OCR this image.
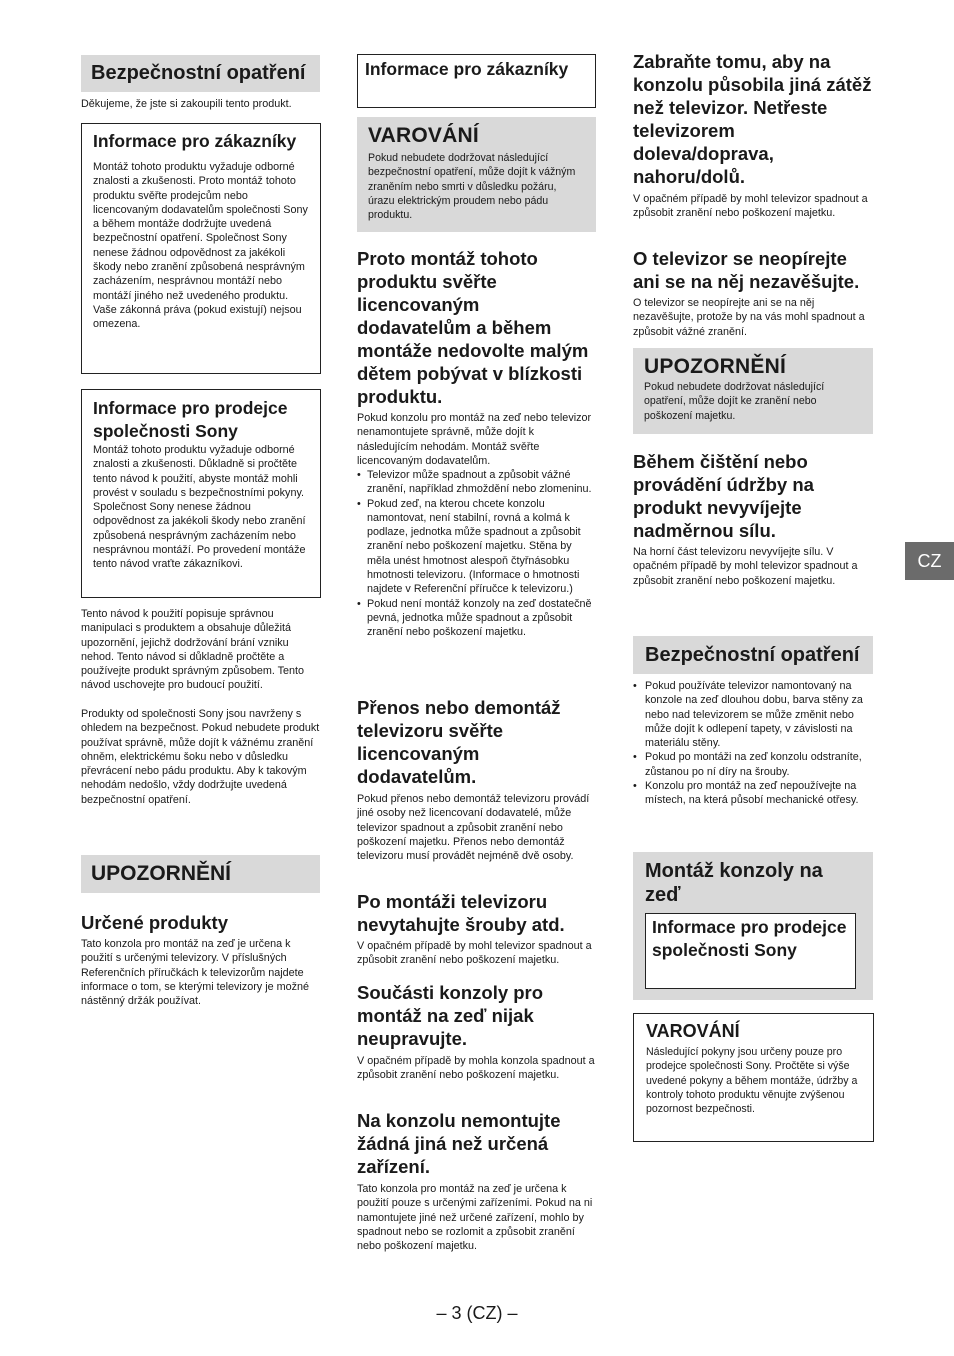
Bezpečnostní opatření
Děkujeme, že jste si zakoupili tento produkt.
Informace pro zákazníky
Montáž tohoto produktu vyžaduje odborné znalosti a zkušenosti. Proto montáž tohoto produktu svěřte prodejcům nebo licencovaným dodavatelům společnosti Sony a během montáže dodržujte uvedená bezpečnostní opatření. Společnost Sony nenese žádnou odpovědnost za jakékoli škody nebo zranění způsobená nesprávným zacházením, nesprávnou montáží nebo montáží jiného než uvedeného produktu. Vaše zákonná práva (pokud existují) nejsou omezena.
Informace pro prodejce společnosti Sony
Montáž tohoto produktu vyžaduje odborné znalosti a zkušenosti. Důkladně si pročtěte tento návod k použití, abyste montáž mohli provést v souladu s bezpečnostními pokyny. Společnost Sony nenese žádnou odpovědnost za jakékoli škody nebo zranění způsobená nesprávným zacházením nebo nesprávnou montáží. Po provedení montáže tento návod vraťte zákazníkovi.
Tento návod k použití popisuje správnou manipulaci s produktem a obsahuje důležitá upozornění, jejichž dodržování brání vzniku nehod. Tento návod si důkladně pročtěte a používejte produkt správným způsobem. Tento návod uschovejte pro budoucí použití.
Produkty od společnosti Sony jsou navrženy s ohledem na bezpečnost. Pokud nebudete produkt používat správně, může dojít k vážnému zranění ohněm, elektrickému šoku nebo v důsledku převrácení nebo pádu produktu. Aby k takovým nehodám nedošlo, vždy dodržujte uvedená bezpečnostní opatření.
UPOZORNĚNÍ
Určené produkty
Tato konzola pro montáž na zeď je určena k použití s určenými televizory. V příslušných Referenčních příručkách k televizorům najdete informace o tom, se kterými televizory je možné nástěnný držák používat.
Informace pro zákazníky
VAROVÁNÍ
Pokud nebudete dodržovat následující bezpečnostní opatření, může dojít k vážným zraněním nebo smrti v důsledku požáru, úrazu elektrickým proudem nebo pádu produktu.
Proto montáž tohoto produktu svěřte licencovaným dodavatelům a během montáže nedovolte malým dětem pobývat v blízkosti produktu.
Pokud konzolu pro montáž na zeď nebo televizor nenamontujete správně, může dojít k následujícím nehodám. Montáž svěřte licencovaným dodavatelům.
• Televizor může spadnout a způsobit vážné zranění, například zhmoždění nebo zlomeninu.
• Pokud zeď, na kterou chcete konzolu namontovat, není stabilní, rovná a kolmá k podlaze, jednotka může spadnout a způsobit zranění nebo poškození majetku. Stěna by měla unést hmotnost alespoň čtyřnásobku hmotnosti televizoru. (Informace o hmotnosti najdete v Referenční příručce k televizoru.)
• Pokud není montáž konzoly na zeď dostatečně pevná, jednotka může spadnout a způsobit zranění nebo poškození majetku.
Přenos nebo demontáž televizoru svěřte licencovaným dodavatelům.
Pokud přenos nebo demontáž televizoru provádí jiné osoby než licencovaní dodavatelé, může televizor spadnout a způsobit zranění nebo poškození majetku. Přenos nebo demontáž televizoru musí provádět nejméně dvě osoby.
Po montáži televizoru nevytahujte šrouby atd.
V opačném případě by mohl televizor spadnout a způsobit zranění nebo poškození majetku.
Součásti konzoly pro montáž na zeď nijak neupravujte.
V opačném případě by mohla konzola spadnout a způsobit zranění nebo poškození majetku.
Na konzolu nemontujte žádná jiná než určená zařízení.
Tato konzola pro montáž na zeď je určena k použití pouze s určenými zařízeními. Pokud na ni namontujete jiné než určené zařízení, mohlo by spadnout nebo se rozlomit a způsobit zranění nebo poškození majetku.
Zabraňte tomu, aby na konzolu působila jiná zátěž než televizor. Netřeste televizorem doleva/doprava, nahoru/dolů.
V opačném případě by mohl televizor spadnout a způsobit zranění nebo poškození majetku.
O televizor se neopírejte ani se na něj nezavěšujte.
O televizor se neopírejte ani se na něj nezavěšujte, protože by na vás mohl spadnout a způsobit vážné zranění.
UPOZORNĚNÍ
Pokud nebudete dodržovat následující opatření, může dojít ke zranění nebo poškození majetku.
Během čištění nebo provádění údržby na produkt nevyvíjejte nadměrnou sílu.
Na horní část televizoru nevyvíjejte sílu. V opačném případě by mohl televizor spadnout a způsobit zranění nebo poškození majetku.
Bezpečnostní opatření
• Pokud používáte televizor namontovaný na konzole na zeď dlouhou dobu, barva stěny za nebo nad televizorem se může změnit nebo může dojít k odlepení tapety, v závislosti na materiálu stěny.
• Pokud po montáži na zeď konzolu odstraníte, zůstanou po ní díry na šrouby.
• Konzolu pro montáž na zeď nepoužívejte na místech, na která působí mechanické otřesy.
Montáž konzoly na zeď
Informace pro prodejce společnosti Sony
VAROVÁNÍ
Následující pokyny jsou určeny pouze pro prodejce společnosti Sony. Pročtěte si výše uvedené pokyny a během montáže, údržby a kontroly tohoto produktu věnujte zvýšenou pozornost bezpečnosti.
CZ
– 3 (CZ) –
